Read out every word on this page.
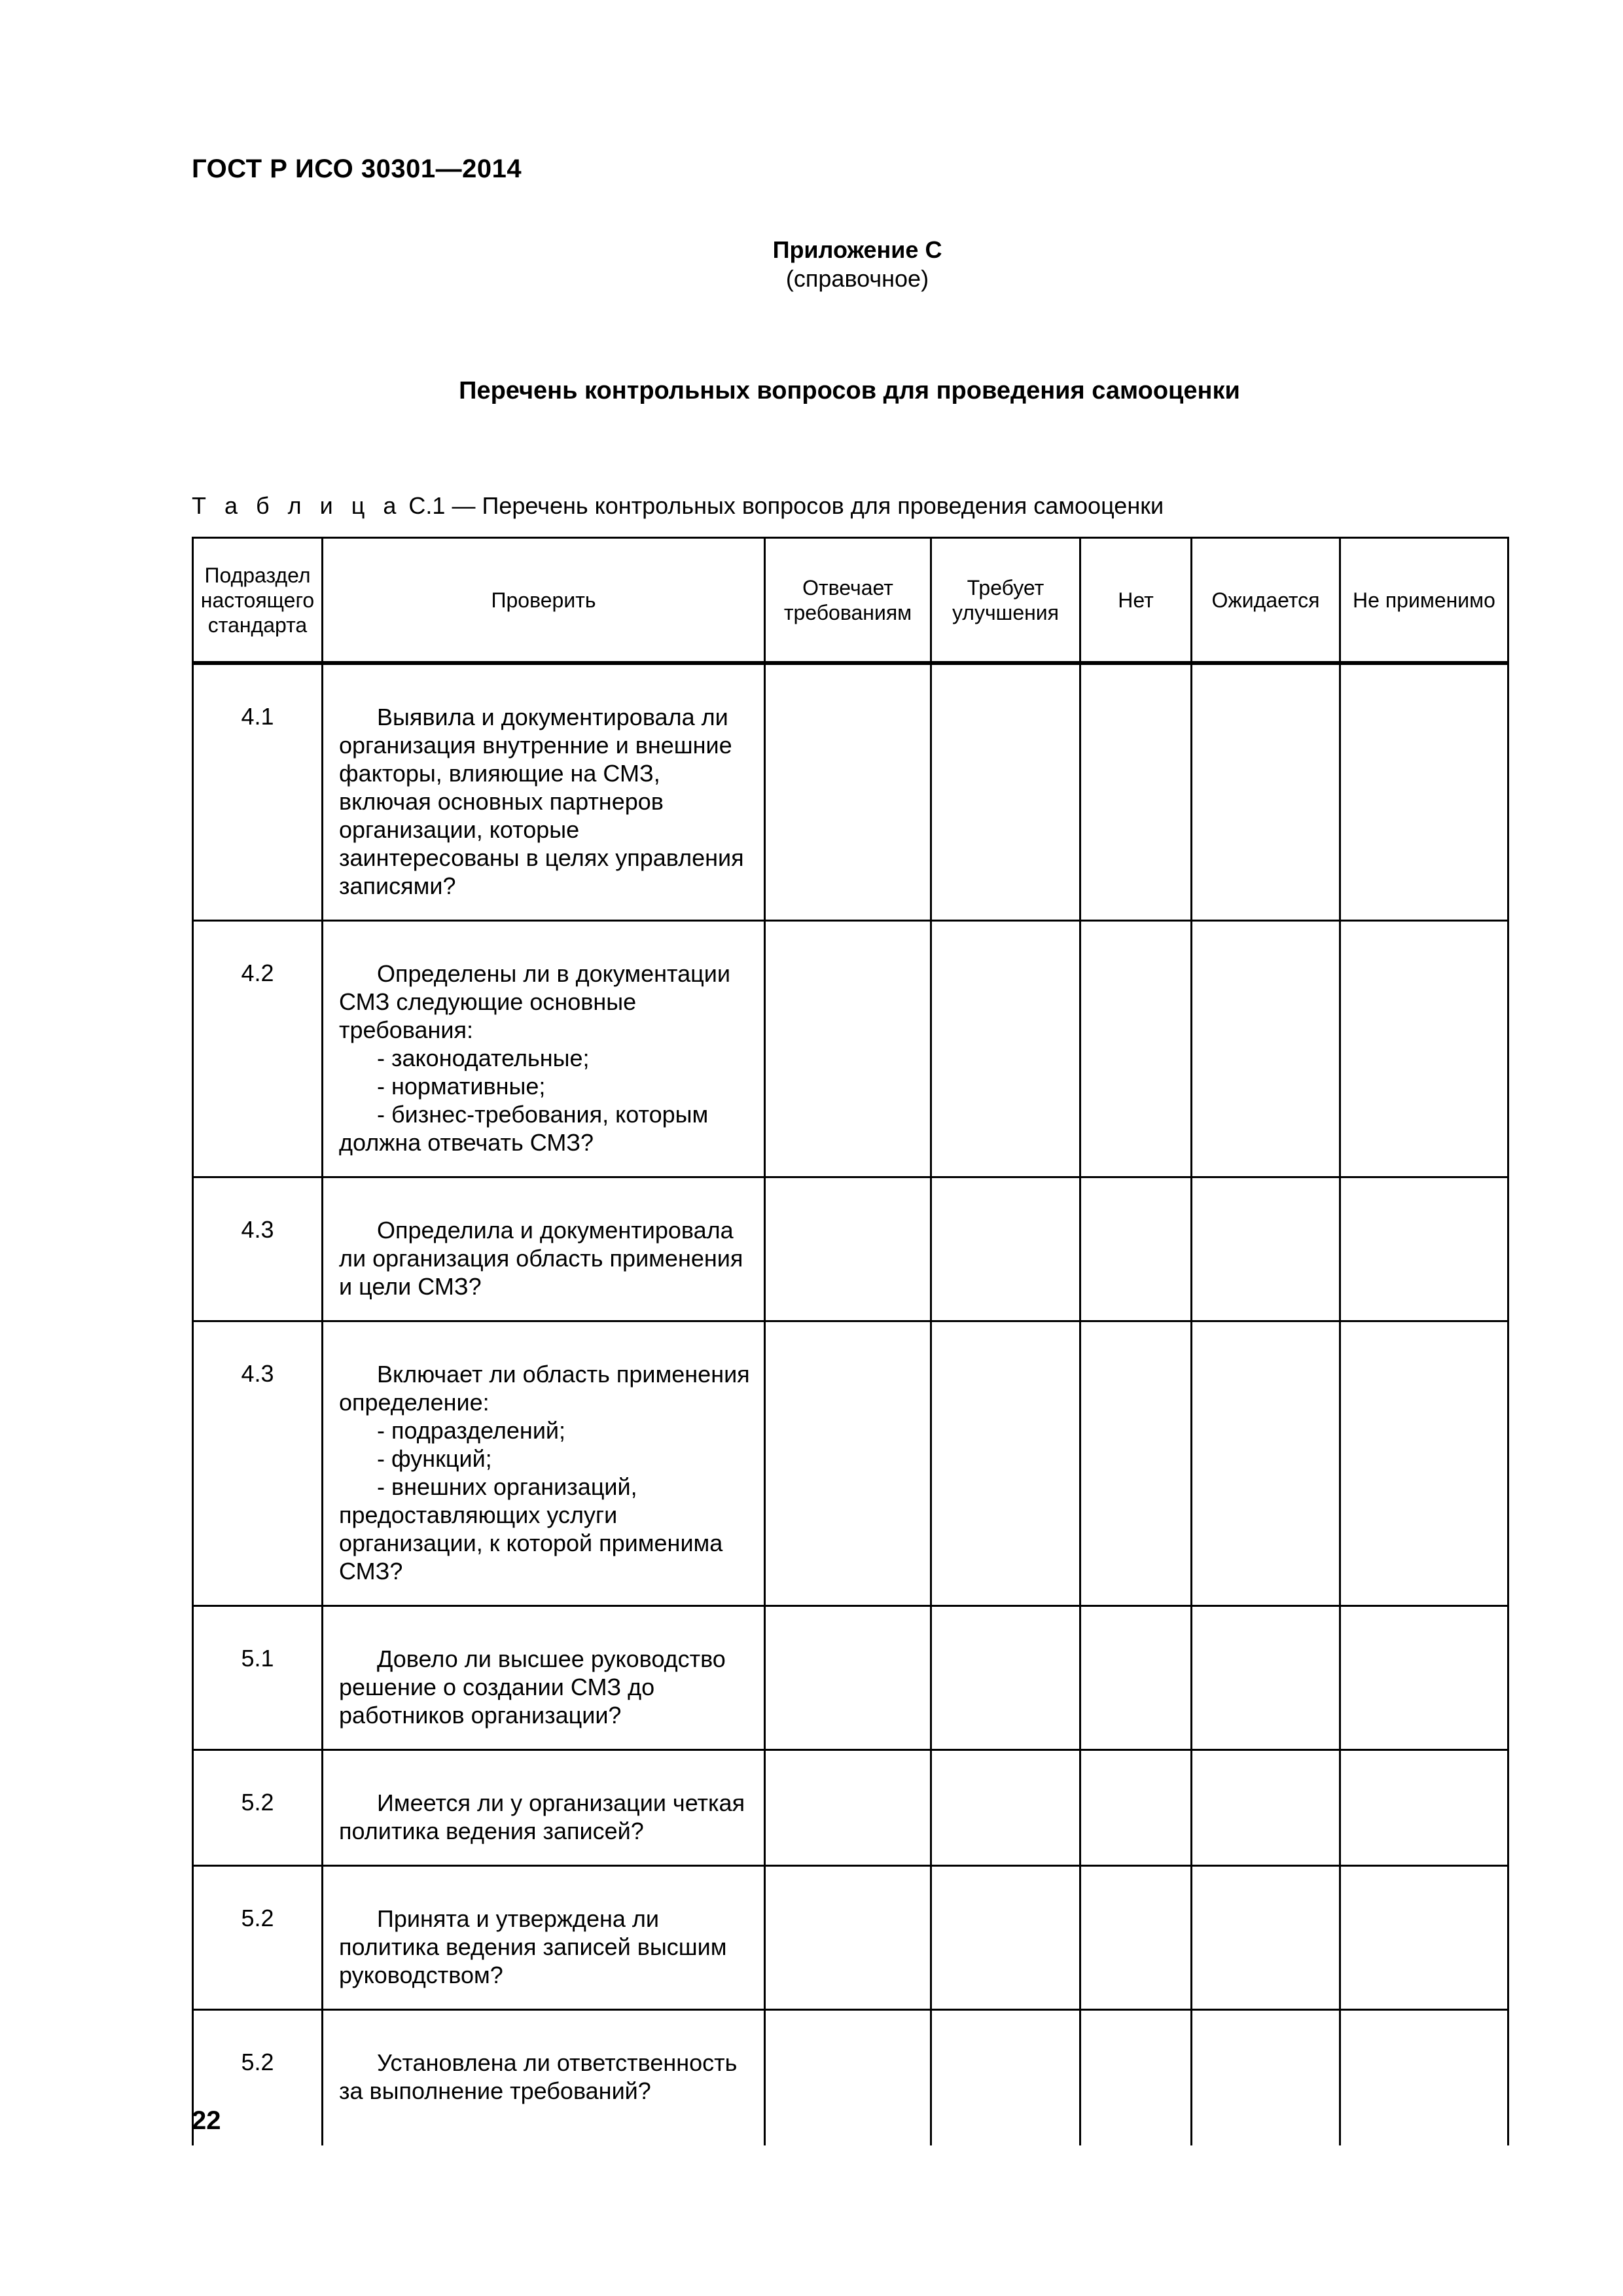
ГОСТ Р ИСО 30301—2014
Приложение С
(справочное)
Перечень контрольных вопросов для проведения самооценки
Т а б л и ц а С.1 — Перечень контрольных вопросов для проведения самооценки
Подраздел настоящего стандарта	Проверить	Отвечает требованиям	Требует улучшения	Нет	Ожидается	Не применимо
4.1	Выявила и документировала ли организация внутренние и внешние факторы, влияющие на СМЗ, включая основных партнеров организации, которые заинтересованы в целях управления записями?					

4.2	Определены ли в документации СМЗ следующие основные требования:
- законодательные;
- нормативные;
- бизнес-требования, которым должна отвечать СМЗ?					

4.3	Определила и документировала ли организация область применения и цели СМЗ?					

4.3	Включает ли область применения определение:
- подразделений;
- функций;
- внешних организаций, предоставляющих услуги организации, к которой применима СМЗ?					

5.1	Довело ли высшее руководство решение о создании СМЗ до работников организации?					

5.2	Имеется ли у организации четкая политика ведения записей?					

5.2	Принята и утверждена ли политика ведения записей высшим руководством?					

5.2	Установлена ли ответственность за выполнение требований?					

22
